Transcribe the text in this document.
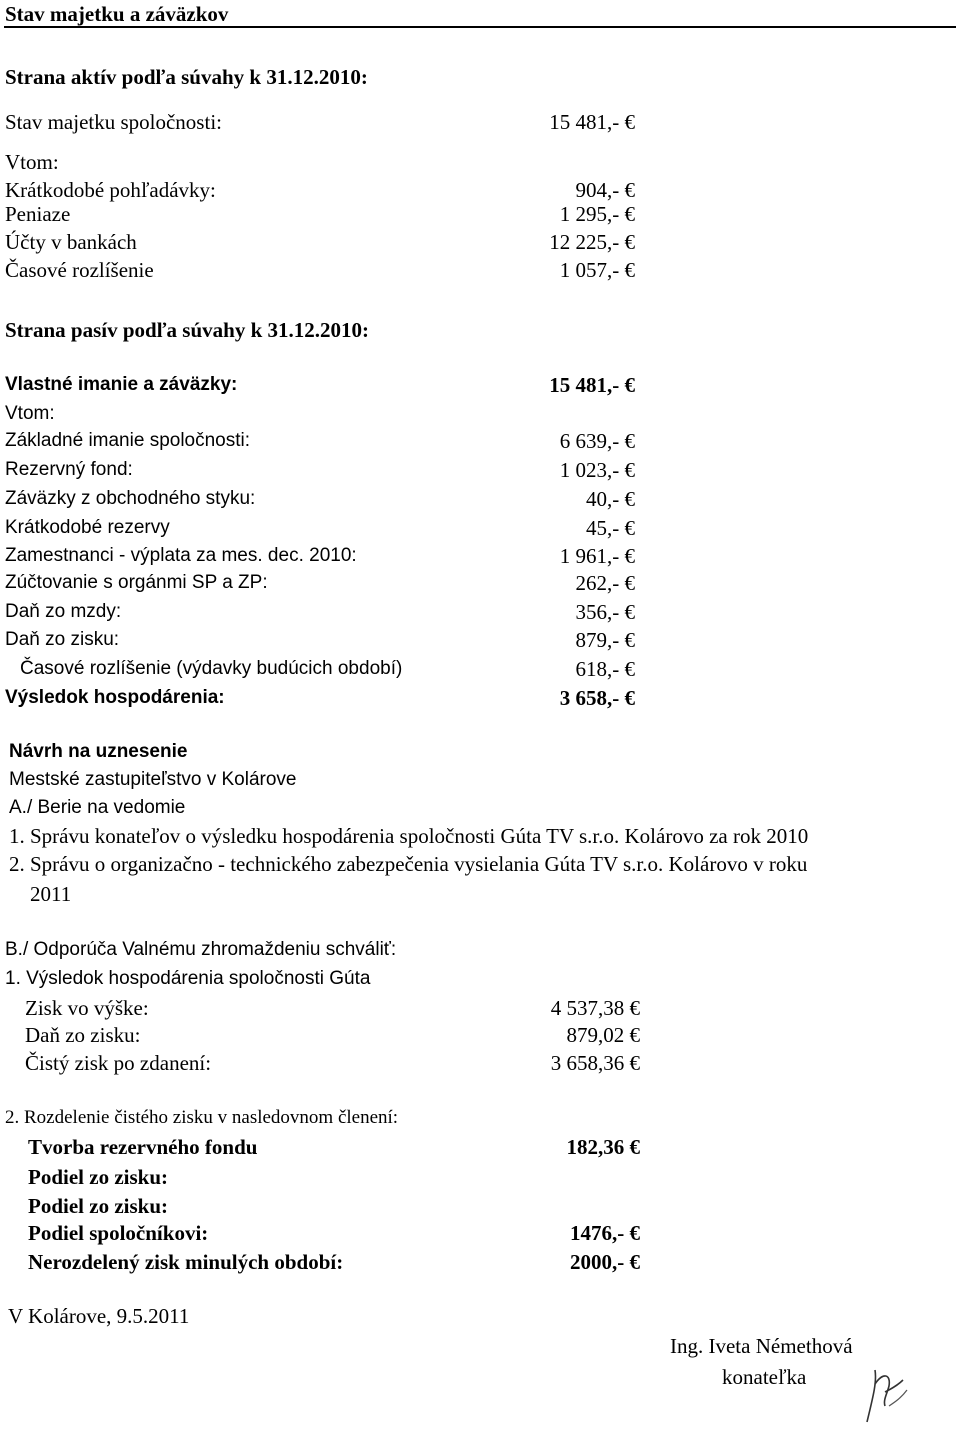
Stav majetku a záväzkov
Strana aktív podľa súvahy k 31.12.2010:
Stav majetku spoločnosti:	15 481,- €
Vtom:
Krátkodobé pohľadávky:	904,- €
Peniaze	1 295,- €
Účty v bankách	12 225,- €
Časové rozlíšenie	1 057,- €
Strana pasív podľa súvahy k 31.12.2010:
Vlastné imanie a záväzky:	15 481,- €
Vtom:
Základné imanie spoločnosti:	6 639,- €
Rezervný fond:	1 023,- €
Záväzky z obchodného styku:	40,- €
Krátkodobé rezervy	45,- €
Zamestnanci - výplata za mes. dec. 2010:	1 961,- €
Zúčtovanie s orgánmi SP a ZP:	262,- €
Daň zo mzdy:	356,- €
Daň zo zisku:	879,- €
Časové rozlíšenie (výdavky budúcich období)	618,- €
Výsledok hospodárenia:	3 658,- €
Návrh na uznesenie
Mestské zastupiteľstvo v Kolárove
A./ Berie na vedomie
1. Správu konateľov o výsledku hospodárenia spoločnosti Gúta TV s.r.o. Kolárovo za rok 2010
2. Správu o organizačno - technického zabezpečenia vysielania Gúta TV s.r.o. Kolárovo v roku
2011
B./ Odporúča Valnému zhromaždeniu schváliť:
1. Výsledok hospodárenia spoločnosti Gúta
Zisk vo výške:	4 537,38 €
Daň zo zisku:	879,02 €
Čistý zisk po zdanení:	3 658,36 €
2. Rozdelenie čistého zisku v nasledovnom členení:
Tvorba rezervného fondu	182,36 €
Podiel zo zisku:
Podiel zo zisku:
Podiel spoločníkovi:	1476,- €
Nerozdelený zisk minulých období:	2000,- €
V Kolárove, 9.5.2011
Ing. Iveta Némethová
konateľka
